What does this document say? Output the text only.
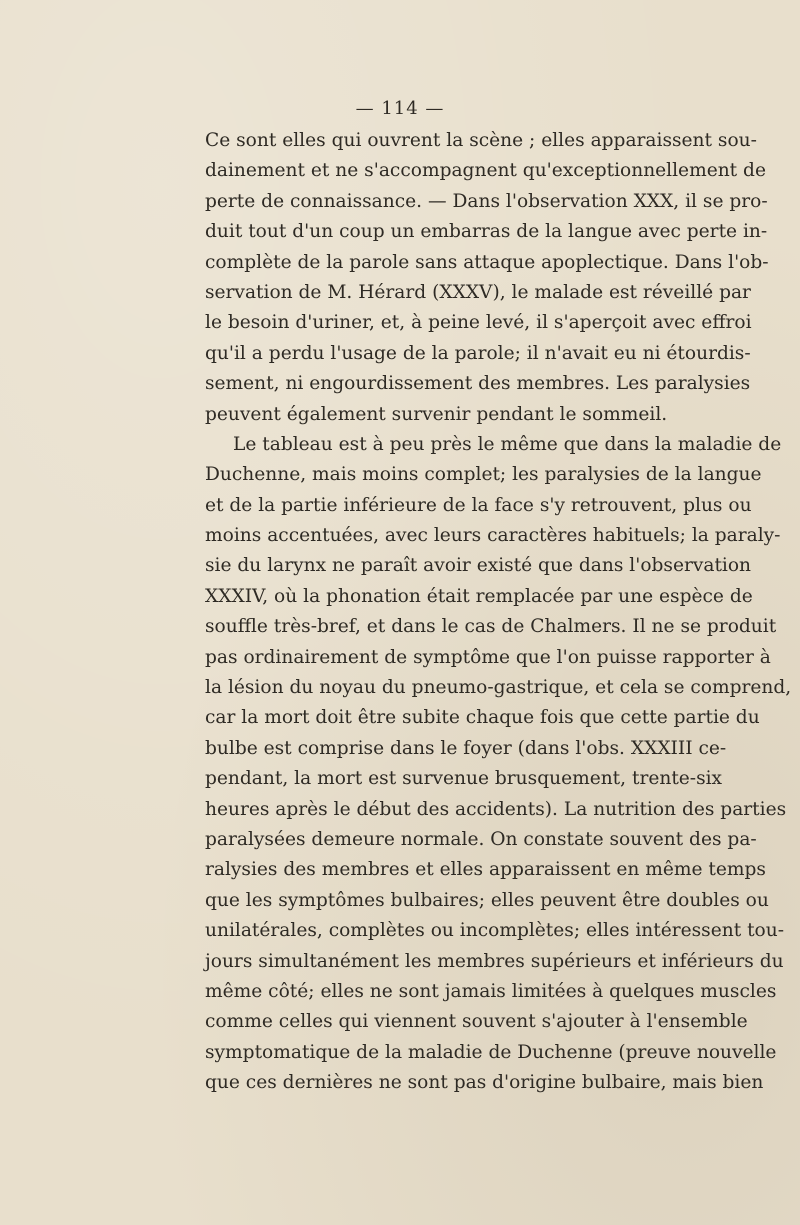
— 114 —
Ce sont elles qui ouvrent la scène ; elles apparaissent sou-
dainement et ne s'accompagnent qu'exceptionnellement de
perte de connaissance. — Dans l'observation XXX, il se pro-
duit tout d'un coup un embarras de la langue avec perte in-
complète de la parole sans attaque apoplectique. Dans l'ob-
servation de M. Hérard (XXXV), le malade est réveillé par
le besoin d'uriner, et, à peine levé, il s'aperçoit avec effroi
qu'il a perdu l'usage de la parole; il n'avait eu ni étourdis-
sement, ni engourdissement des membres. Les paralysies
peuvent également survenir pendant le sommeil.
Le tableau est à peu près le même que dans la maladie de
Duchenne, mais moins complet; les paralysies de la langue
et de la partie inférieure de la face s'y retrouvent, plus ou
moins accentuées, avec leurs caractères habituels; la paraly-
sie du larynx ne paraît avoir existé que dans l'observation
XXXIV, où la phonation était remplacée par une espèce de
souffle très-bref, et dans le cas de Chalmers. Il ne se produit
pas ordinairement de symptôme que l'on puisse rapporter à
la lésion du noyau du pneumo-gastrique, et cela se comprend,
car la mort doit être subite chaque fois que cette partie du
bulbe est comprise dans le foyer (dans l'obs. XXXIII ce-
pendant, la mort est survenue brusquement, trente-six
heures après le début des accidents). La nutrition des parties
paralysées demeure normale. On constate souvent des pa-
ralysies des membres et elles apparaissent en même temps
que les symptômes bulbaires; elles peuvent être doubles ou
unilatérales, complètes ou incomplètes; elles intéressent tou-
jours simultanément les membres supérieurs et inférieurs du
même côté; elles ne sont jamais limitées à quelques muscles
comme celles qui viennent souvent s'ajouter à l'ensemble
symptomatique de la maladie de Duchenne (preuve nouvelle
que ces dernières ne sont pas d'origine bulbaire, mais bien
